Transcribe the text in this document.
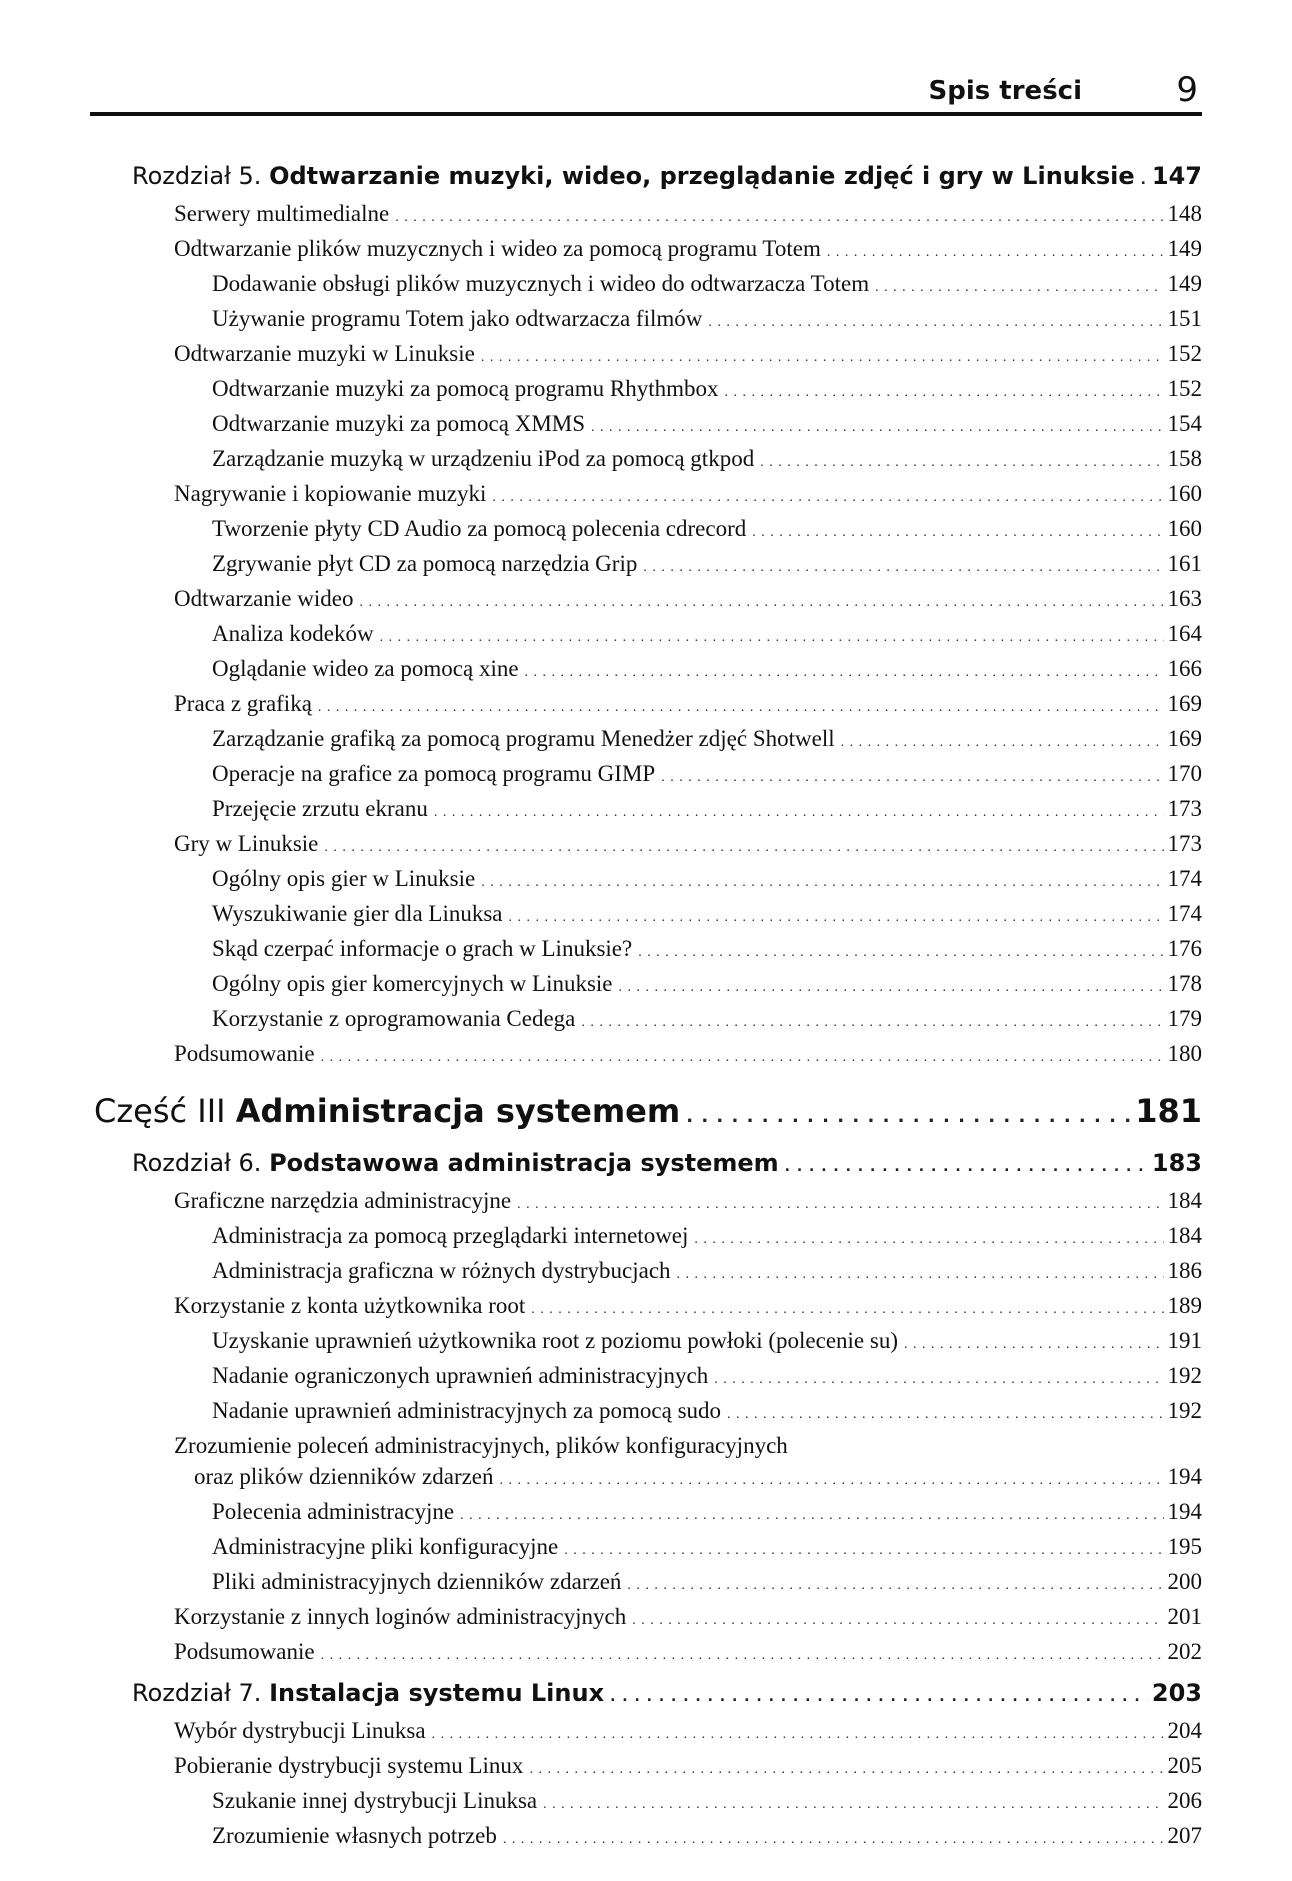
Spis treści	9
Rozdział 5. Odtwarzanie muzyki, wideo, przeglądanie zdjęć i gry w Linuksie . . . 147
Serwery multimedialne . . .	148
Odtwarzanie plików muzycznych i wideo za pomocą programu Totem . . .	149
Dodawanie obsługi plików muzycznych i wideo do odtwarzacza Totem . . .	149
Używanie programu Totem jako odtwarzacza filmów . . .	151
Odtwarzanie muzyki w Linuksie . . .	152
Odtwarzanie muzyki za pomocą programu Rhythmbox . . .	152
Odtwarzanie muzyki za pomocą XMMS . . .	154
Zarządzanie muzyką w urządzeniu iPod za pomocą gtkpod . . .	158
Nagrywanie i kopiowanie muzyki . . .	160
Tworzenie płyty CD Audio za pomocą polecenia cdrecord . . .	160
Zgrywanie płyt CD za pomocą narzędzia Grip . . .	161
Odtwarzanie wideo . . .	163
Analiza kodeków . . .	164
Oglądanie wideo za pomocą xine . . .	166
Praca z grafiką . . .	169
Zarządzanie grafiką za pomocą programu Menedżer zdjęć Shotwell . . .	169
Operacje na grafice za pomocą programu GIMP . . .	170
Przejęcie zrzutu ekranu . . .	173
Gry w Linuksie . . .	173
Ogólny opis gier w Linuksie . . .	174
Wyszukiwanie gier dla Linuksa . . .	174
Skąd czerpać informacje o grach w Linuksie? . . .	176
Ogólny opis gier komercyjnych w Linuksie . . .	178
Korzystanie z oprogramowania Cedega . . .	179
Podsumowanie . . .	180
Część III Administracja systemem . . .	181
Rozdział 6. Podstawowa administracja systemem . . .	183
Graficzne narzędzia administracyjne . . .	184
Administracja za pomocą przeglądarki internetowej . . .	184
Administracja graficzna w różnych dystrybucjach . . .	186
Korzystanie z konta użytkownika root . . .	189
Uzyskanie uprawnień użytkownika root z poziomu powłoki (polecenie su) . . .	191
Nadanie ograniczonych uprawnień administracyjnych . . .	192
Nadanie uprawnień administracyjnych za pomocą sudo . . .	192
Zrozumienie poleceń administracyjnych, plików konfiguracyjnych
oraz plików dzienników zdarzeń . . .	194
Polecenia administracyjne . . .	194
Administracyjne pliki konfiguracyjne . . .	195
Pliki administracyjnych dzienników zdarzeń . . .	200
Korzystanie z innych loginów administracyjnych . . .	201
Podsumowanie . . .	202
Rozdział 7. Instalacja systemu Linux . . .	203
Wybór dystrybucji Linuksa . . .	204
Pobieranie dystrybucji systemu Linux . . .	205
Szukanie innej dystrybucji Linuksa . . .	206
Zrozumienie własnych potrzeb . . .	207
